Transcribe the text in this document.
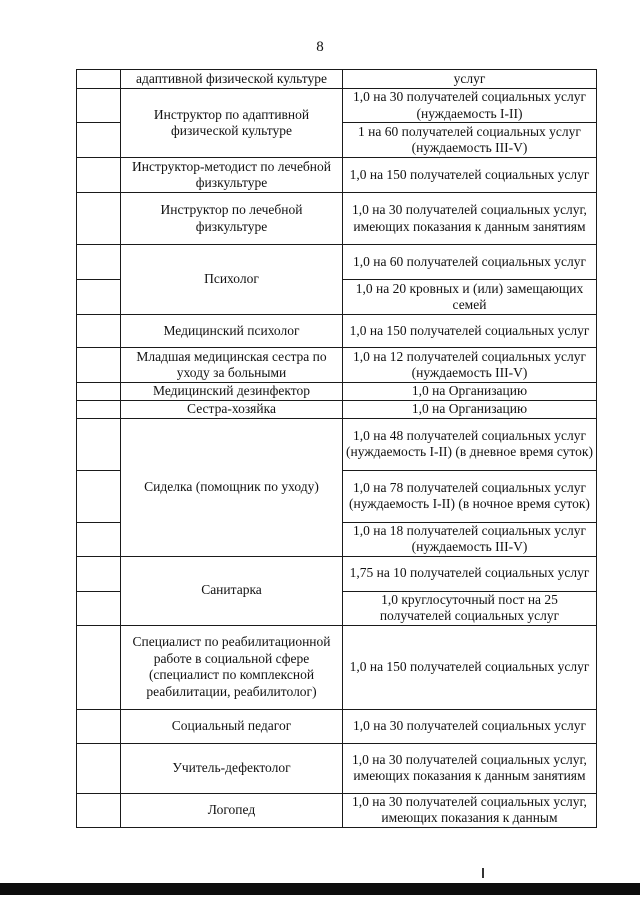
8
	адаптивной физической культуре	услуг
	Инструктор по адаптивной физической культуре	1,0 на 30 получателей социальных услуг (нуждаемость I-II)
		1 на 60 получателей социальных услуг (нуждаемость III-V)
	Инструктор-методист по лечебной физкультуре	1,0 на 150 получателей социальных услуг
	Инструктор по лечебной физкультуре	1,0 на 30 получателей социальных услуг, имеющих показания к данным занятиям
	Психолог	1,0 на 60 получателей социальных услуг
		1,0 на 20 кровных и (или) замещающих семей
	Медицинский психолог	1,0 на 150 получателей социальных услуг
	Младшая медицинская сестра по уходу за больными	1,0 на 12 получателей социальных услуг (нуждаемость III-V)
	Медицинский дезинфектор	1,0 на Организацию
	Сестра-хозяйка	1,0 на Организацию
	Сиделка (помощник по уходу)	1,0 на 48 получателей социальных услуг (нуждаемость I-II) (в дневное время суток)
		1,0 на 78 получателей социальных услуг (нуждаемость I-II) (в ночное время суток)
		1,0 на 18 получателей социальных услуг (нуждаемость III-V)
	Санитарка	1,75 на 10 получателей социальных услуг
		1,0 круглосуточный пост на 25 получателей социальных услуг
	Специалист по реабилитационной работе в социальной сфере (специалист по комплексной реабилитации, реабилитолог)	1,0 на 150 получателей социальных услуг
	Социальный педагог	1,0 на 30 получателей социальных услуг
	Учитель-дефектолог	1,0 на 30 получателей социальных услуг, имеющих показания к данным занятиям
	Логопед	1,0 на 30 получателей социальных услуг, имеющих показания к данным
